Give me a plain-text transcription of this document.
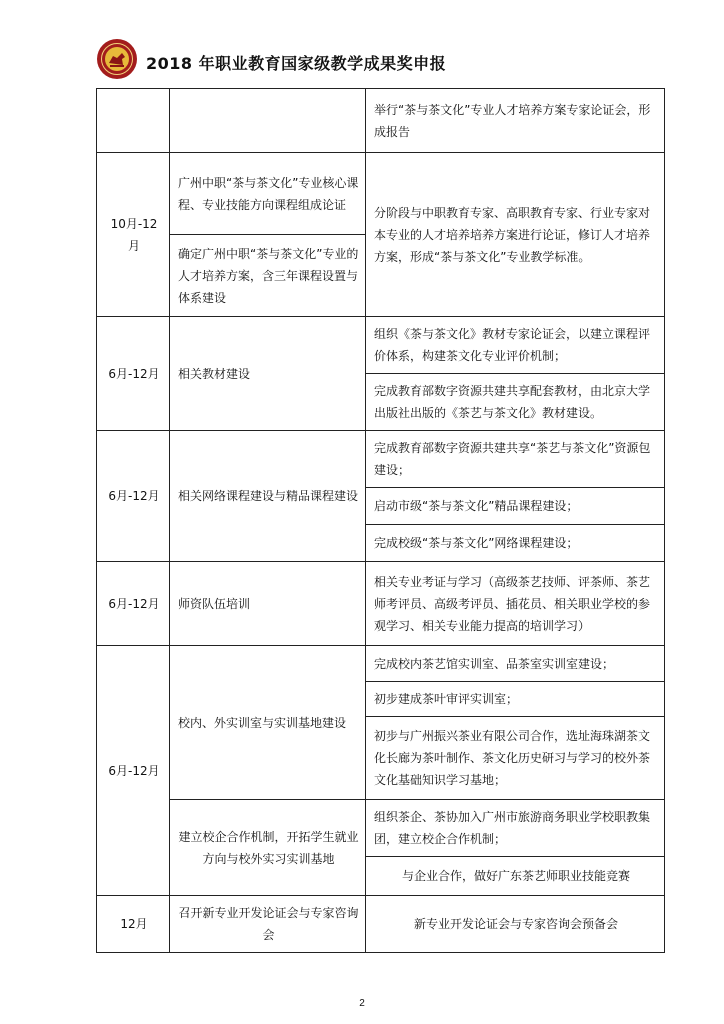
2018 年职业教育国家级教学成果奖申报
		举行“茶与茶文化”专业人才培养方案专家论证会，形成报告
10月-12月	广州中职“茶与茶文化”专业核心课程、专业技能方向课程组成论证	分阶段与中职教育专家、高职教育专家、行业专家对本专业的人才培养培养方案进行论证，修订人才培养方案，形成“茶与茶文化”专业教学标准。
	确定广州中职“茶与茶文化”专业的人才培养方案，含三年课程设置与体系建设	
6月-12月	相关教材建设	组织《茶与茶文化》教材专家论证会，以建立课程评价体系，构建茶文化专业评价机制；
		完成教育部数字资源共建共享配套教材，由北京大学出版社出版的《茶艺与茶文化》教材建设。
6月-12月	相关网络课程建设与精品课程建设	完成教育部数字资源共建共享“茶艺与茶文化”资源包建设；
		启动市级“茶与茶文化”精品课程建设；
		完成校级“茶与茶文化”网络课程建设；
6月-12月	师资队伍培训	相关专业考证与学习（高级茶艺技师、评茶师、茶艺师考评员、高级考评员、插花员、相关职业学校的参观学习、相关专业能力提高的培训学习）
6月-12月	校内、外实训室与实训基地建设	完成校内茶艺馆实训室、品茶室实训室建设；
		初步建成茶叶审评实训室；
		初步与广州振兴茶业有限公司合作，选址海珠湖茶文化长廊为茶叶制作、茶文化历史研习与学习的校外茶文化基础知识学习基地；
	建立校企合作机制，开拓学生就业方向与校外实习实训基地	组织茶企、茶协加入广州市旅游商务职业学校职教集团，建立校企合作机制；
		与企业合作，做好广东茶艺师职业技能竞赛
12月	召开新专业开发论证会与专家咨询会	新专业开发论证会与专家咨询会预备会
2
